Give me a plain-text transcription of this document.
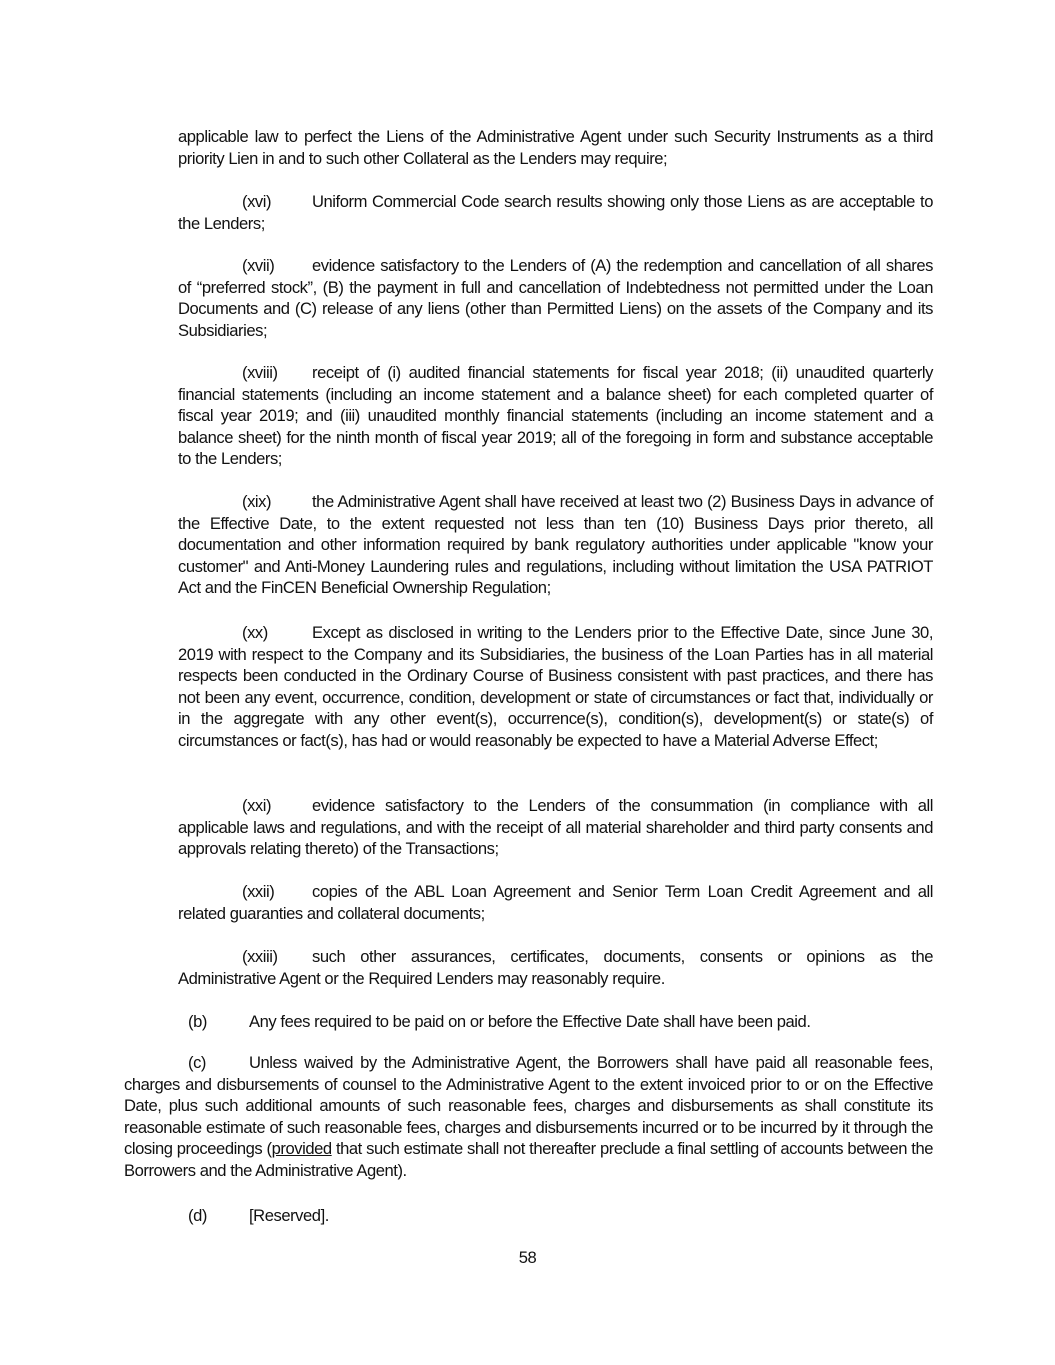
applicable law to perfect the Liens of the Administrative Agent under such Security Instruments as a third priority Lien in and to such other Collateral as the Lenders may require;

(xvi) Uniform Commercial Code search results showing only those Liens as are acceptable to the Lenders;

(xvii) evidence satisfactory to the Lenders of (A) the redemption and cancellation of all shares of “preferred stock”, (B) the payment in full and cancellation of Indebtedness not permitted under the Loan Documents and (C) release of any liens (other than Permitted Liens) on the assets of the Company and its Subsidiaries;

(xviii) receipt of (i) audited financial statements for fiscal year 2018; (ii) unaudited quarterly financial statements (including an income statement and a balance sheet) for each completed quarter of fiscal year 2019; and (iii) unaudited monthly financial statements (including an income statement and a balance sheet) for the ninth month of fiscal year 2019; all of the foregoing in form and substance acceptable to the Lenders;

(xix) the Administrative Agent shall have received at least two (2) Business Days in advance of the Effective Date, to the extent requested not less than ten (10) Business Days prior thereto, all documentation and other information required by bank regulatory authorities under applicable "know your customer" and Anti-Money Laundering rules and regulations, including without limitation the USA PATRIOT Act and the FinCEN Beneficial Ownership Regulation;

(xx)	Except as disclosed in writing to the Lenders prior to the Effective Date, since June 30, 2019 with respect to the Company and its Subsidiaries, the business of the Loan Parties has in all material respects been conducted in the Ordinary Course of Business consistent with past practices, and there has not been any event, occurrence, condition, development or state of circumstances or fact that, individually or in the aggregate with any other event(s), occurrence(s), condition(s), development(s) or state(s) of circumstances or fact(s), has had or would reasonably be expected to have a Material Adverse Effect;

(xxi) evidence satisfactory to the Lenders of the consummation (in compliance with all applicable laws and regulations, and with the receipt of all material shareholder and third party consents and approvals relating thereto) of the Transactions;

(xxii) copies of the ABL Loan Agreement and Senior Term Loan Credit Agreement and all related guaranties and collateral documents;

(xxiii) such other assurances, certificates, documents, consents or opinions as the Administrative Agent or the Required Lenders may reasonably require.

(b)	Any fees required to be paid on or before the Effective Date shall have been paid.

(c)	Unless waived by the Administrative Agent, the Borrowers shall have paid all reasonable fees, charges and disbursements of counsel to the Administrative Agent to the extent invoiced prior to or on the Effective Date, plus such additional amounts of such reasonable fees, charges and disbursements as shall constitute its reasonable estimate of such reasonable fees, charges and disbursements incurred or to be incurred by it through the closing proceedings (provided that such estimate shall not thereafter preclude a final settling of accounts between the Borrowers and the Administrative Agent).

(d)	[Reserved].

58
